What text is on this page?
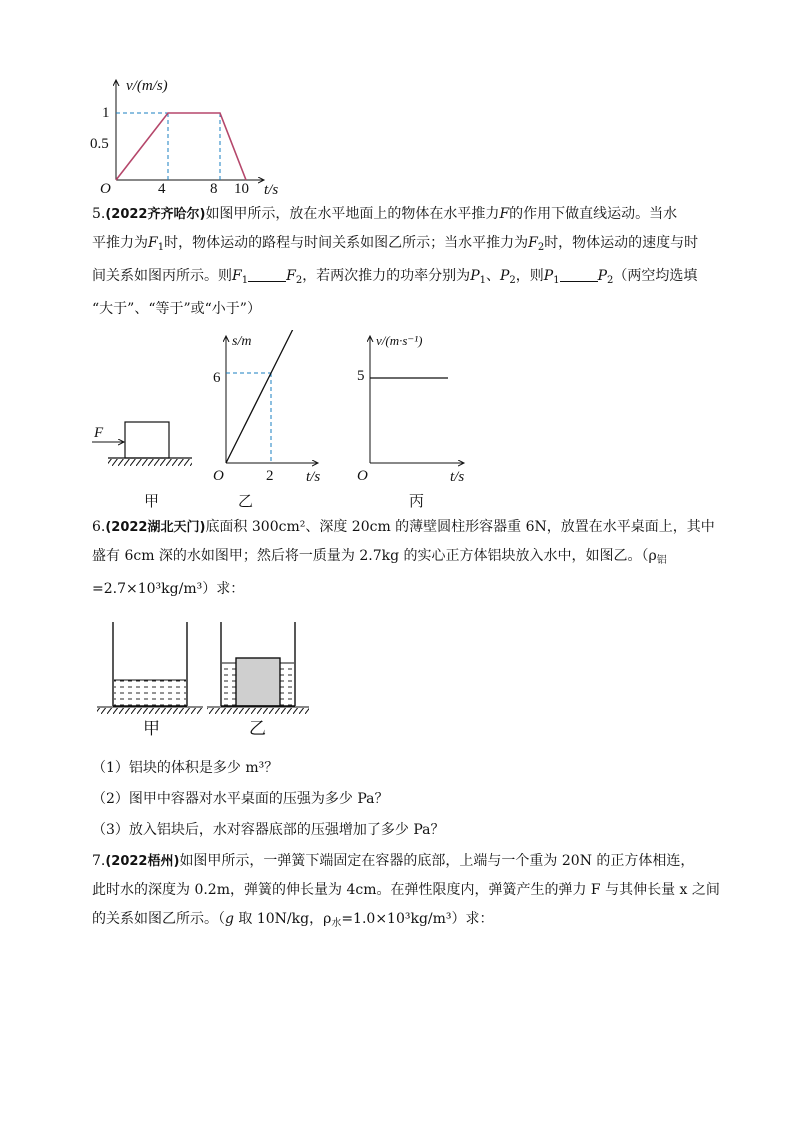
v/(m/s)
O
1
0.5
4	8 10 t/s
5.(2022齐齐哈尔)如图甲所示，放在水平地面上的物体在水平推力F的作用下做直线运动。当水
平推力为$F_1$时，物体运动的路程与时间关系如图乙所示；当水平推力为$F_2$时，物体运动的速度与时
间关系如图丙所示。则$F_1$	$F_2$，若两次推力的功率分别为$P_1$、$P_2$，则$P_1$	$P_2$（两空均选填
“大于”、“等于”或“小于”）
F
甲
s/m
O
6
2 t/s
乙
v/(m·s⁻¹)
O
5
t/s
丙
6.(2022湖北天门)底面积 300cm²、深度 20cm 的薄壁圆柱形容器重 6N，放置在水平桌面上，其中
盛有 6cm 深的水如图甲；然后将一质量为 2.7kg 的实心正方体铝块放入水中，如图乙。（$\rho_铝$
=2.7×10³kg/m³）求：
甲	乙
（1）铝块的体积是多少 m³？
（2）图甲中容器对水平桌面的压强为多少 Pa？
（3）放入铝块后，水对容器底部的压强增加了多少 Pa？
7.(2022梧州)如图甲所示，一弹簧下端固定在容器的底部，上端与一个重为 20N 的正方体相连，
此时水的深度为 0.2m，弹簧的伸长量为 4cm。在弹性限度内，弹簧产生的弹力 F 与其伸长量 x 之间
的关系如图乙所示。（g 取 10N/kg，$\rho_水=1.0\times 10^3kg/m^3$）求：
